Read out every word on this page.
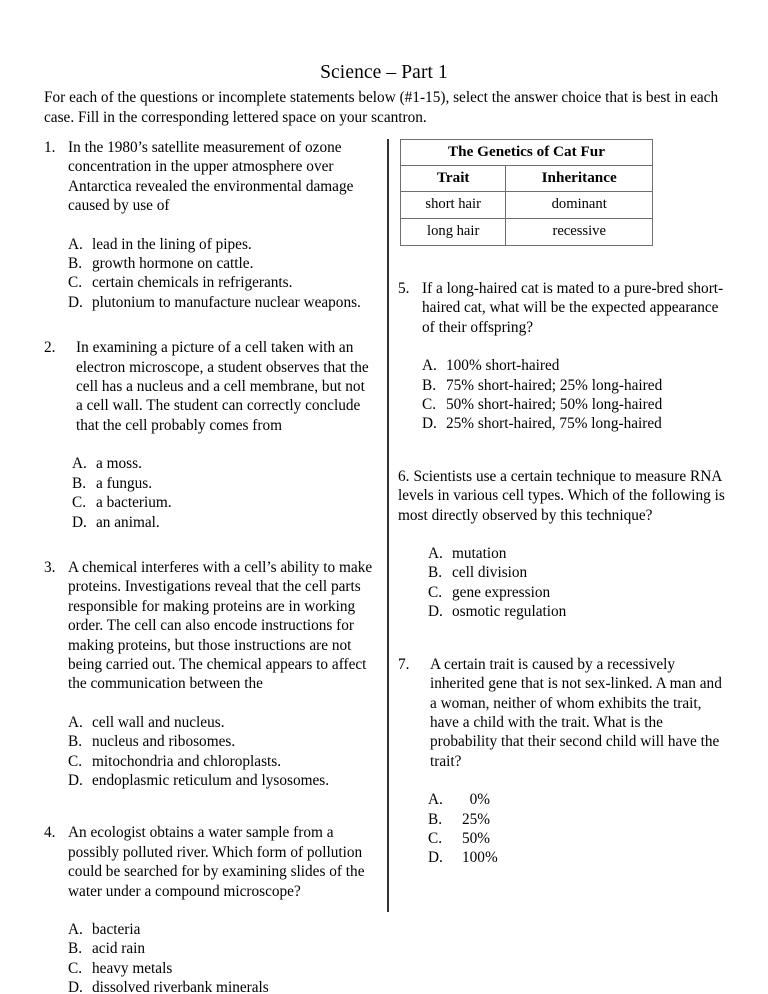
Science – Part 1
For each of the questions or incomplete statements below (#1-15), select the answer choice that is best in each case. Fill in the corresponding lettered space on your scantron.
1. In the 1980’s satellite measurement of ozone concentration in the upper atmosphere over Antarctica revealed the environmental damage caused by use of
A. lead in the lining of pipes.
B. growth hormone on cattle.
C. certain chemicals in refrigerants.
D. plutonium to manufacture nuclear weapons.
2.	In examining a picture of a cell taken with an electron microscope, a student observes that the cell has a nucleus and a cell membrane, but not a cell wall. The student can correctly conclude that the cell probably comes from
A. a moss.
B. a fungus.
C. a bacterium.
D. an animal.
3. A chemical interferes with a cell’s ability to make proteins. Investigations reveal that the cell parts responsible for making proteins are in working order. The cell can also encode instructions for making proteins, but those instructions are not being carried out. The chemical appears to affect the communication between the
A. cell wall and nucleus.
B. nucleus and ribosomes.
C. mitochondria and chloroplasts.
D. endoplasmic reticulum and lysosomes.
4. An ecologist obtains a water sample from a possibly polluted river. Which form of pollution could be searched for by examining slides of the water under a compound microscope?
A. bacteria
B. acid rain
C. heavy metals
D. dissolved riverbank minerals
The Genetics of Cat Fur	
Trait	Inheritance
short hair	dominant
long hair	recessive
5. If a long-haired cat is mated to a pure-bred short-haired cat, what will be the expected appearance of their offspring?
A. 100% short-haired
B. 75% short-haired; 25% long-haired
C. 50% short-haired; 50% long-haired
D. 25% short-haired, 75% long-haired
6. Scientists use a certain technique to measure RNA levels in various cell types. Which of the following is most directly observed by this technique?
A. mutation
B. cell division
C. gene expression
D. osmotic regulation
7.	A certain trait is caused by a recessively inherited gene that is not sex-linked. A man and a woman, neither of whom exhibits the trait, have a child with the trait. What is the probability that their second child will have the trait?
A. 0%
B. 25%
C. 50%
D. 100%
